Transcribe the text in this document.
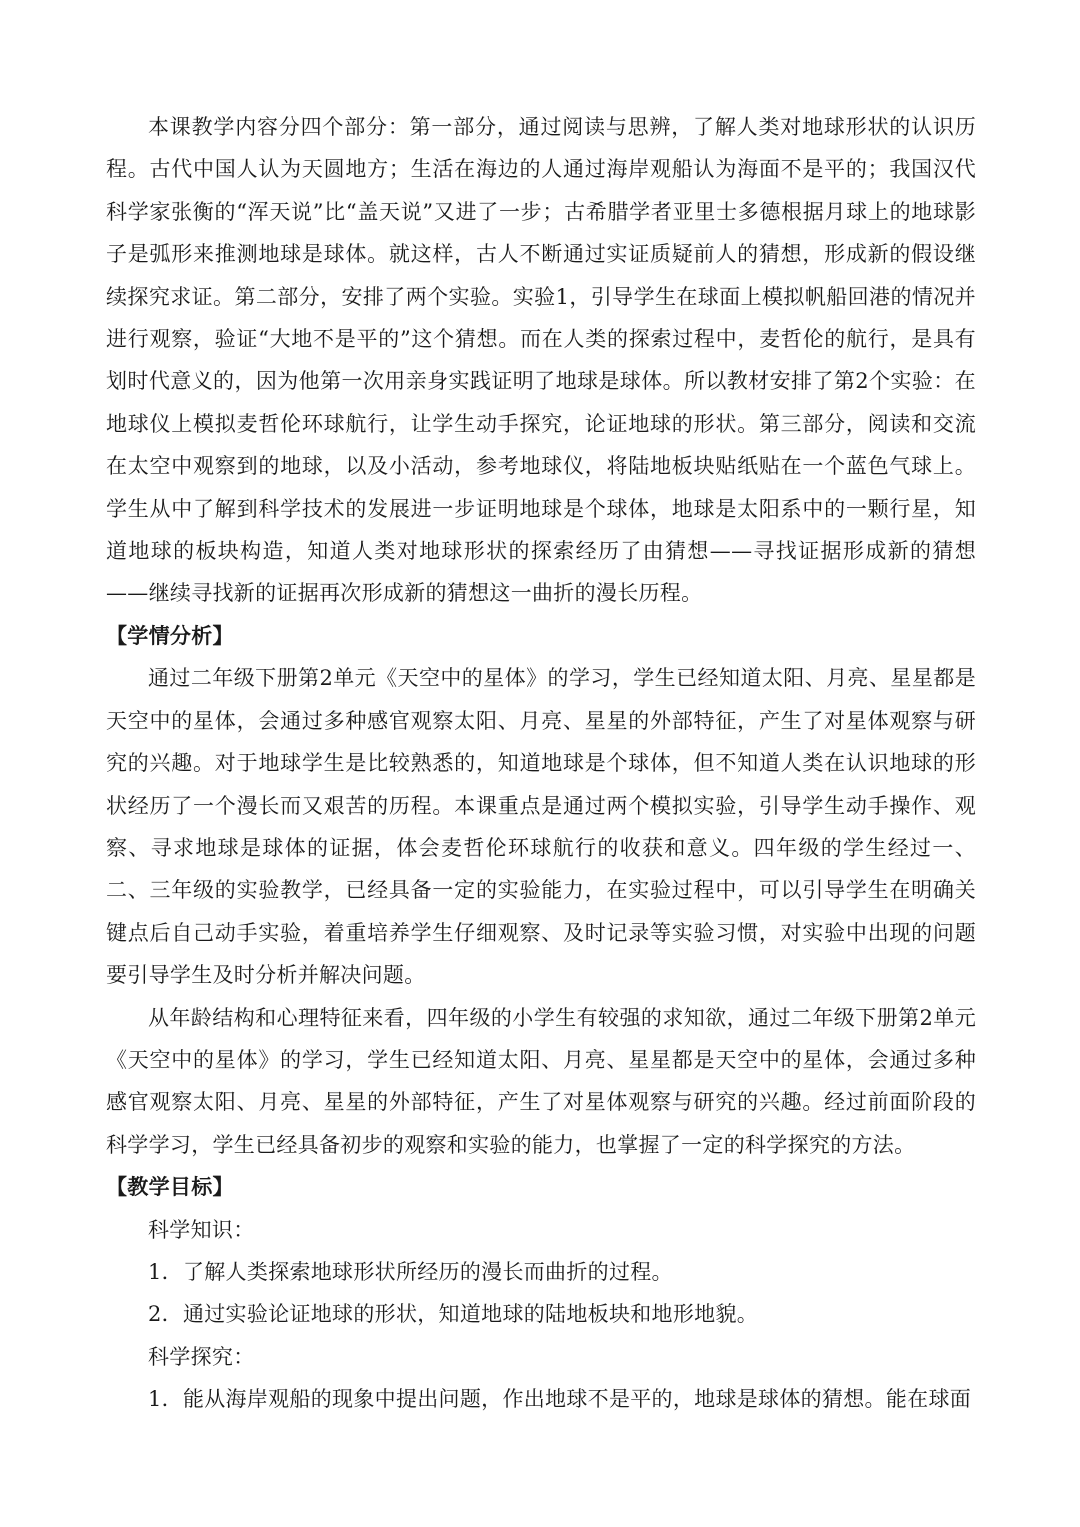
本课教学内容分四个部分：第一部分，通过阅读与思辨，了解人类对地球形状的认识历程。古代中国人认为天圆地方；生活在海边的人通过海岸观船认为海面不是平的；我国汉代科学家张衡的“浑天说”比“盖天说”又进了一步；古希腊学者亚里士多德根据月球上的地球影子是弧形来推测地球是球体。就这样，古人不断通过实证质疑前人的猜想，形成新的假设继续探究求证。第二部分，安排了两个实验。实验1，引导学生在球面上模拟帆船回港的情况并进行观察，验证“大地不是平的”这个猜想。而在人类的探索过程中，麦哲伦的航行，是具有划时代意义的，因为他第一次用亲身实践证明了地球是球体。所以教材安排了第2个实验：在地球仪上模拟麦哲伦环球航行，让学生动手探究，论证地球的形状。第三部分，阅读和交流在太空中观察到的地球，以及小活动，参考地球仪，将陆地板块贴纸贴在一个蓝色气球上。学生从中了解到科学技术的发展进一步证明地球是个球体，地球是太阳系中的一颗行星，知道地球的板块构造，知道人类对地球形状的探索经历了由猜想——寻找证据形成新的猜想——继续寻找新的证据再次形成新的猜想这一曲折的漫长历程。

【学情分析】

通过二年级下册第2单元《天空中的星体》的学习，学生已经知道太阳、月亮、星星都是天空中的星体，会通过多种感官观察太阳、月亮、星星的外部特征，产生了对星体观察与研究的兴趣。对于地球学生是比较熟悉的，知道地球是个球体，但不知道人类在认识地球的形状经历了一个漫长而又艰苦的历程。本课重点是通过两个模拟实验，引导学生动手操作、观察、寻求地球是球体的证据，体会麦哲伦环球航行的收获和意义。四年级的学生经过一、二、三年级的实验教学，已经具备一定的实验能力，在实验过程中，可以引导学生在明确关键点后自己动手实验，着重培养学生仔细观察、及时记录等实验习惯，对实验中出现的问题要引导学生及时分析并解决问题。

从年龄结构和心理特征来看，四年级的小学生有较强的求知欲，通过二年级下册第2单元《天空中的星体》的学习，学生已经知道太阳、月亮、星星都是天空中的星体，会通过多种感官观察太阳、月亮、星星的外部特征，产生了对星体观察与研究的兴趣。经过前面阶段的科学学习，学生已经具备初步的观察和实验的能力，也掌握了一定的科学探究的方法。

【教学目标】

科学知识：

1．了解人类探索地球形状所经历的漫长而曲折的过程。

2．通过实验论证地球的形状，知道地球的陆地板块和地形地貌。

科学探究：

1．能从海岸观船的现象中提出问题，作出地球不是平的，地球是球体的猜想。能在球面
